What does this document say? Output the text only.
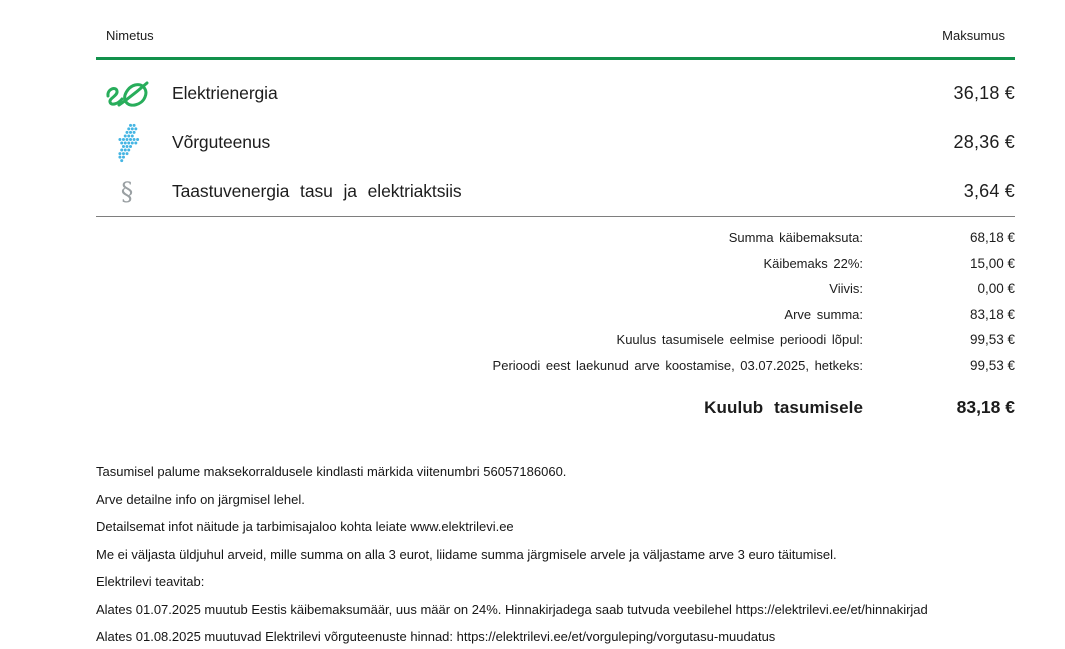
Nimetus	Maksumus
Elektrienergia	36,18 €
Võrguteenus	28,36 €
§ Taastuvenergia tasu ja elektriaktsiis	3,64 €
Summa käibemaksuta:	68,18 €
Käibemaks 22%:	15,00 €
Viivis:	0,00 €
Arve summa:	83,18 €
Kuulus tasumisele eelmise perioodi lõpul:	99,53 €
Perioodi eest laekunud arve koostamise, 03.07.2025, hetkeks:	99,53 €
Kuulub tasumisele	83,18 €
Tasumisel palume maksekorraldusele kindlasti märkida viitenumbri 56057186060.
Arve detailne info on järgmisel lehel.
Detailsemat infot näitude ja tarbimisajaloo kohta leiate www.elektrilevi.ee
Me ei väljasta üldjuhul arveid, mille summa on alla 3 eurot, liidame summa järgmisele arvele ja väljastame arve 3 euro täitumisel.
Elektrilevi teavitab:
Alates 01.07.2025 muutub Eestis käibemaksumäär, uus määr on 24%. Hinnakirjadega saab tutvuda veebilehel https://elektrilevi.ee/et/hinnakirjad
Alates 01.08.2025 muutuvad Elektrilevi võrguteenuste hinnad: https://elektrilevi.ee/et/vorguleping/vorgutasu-muudatus
